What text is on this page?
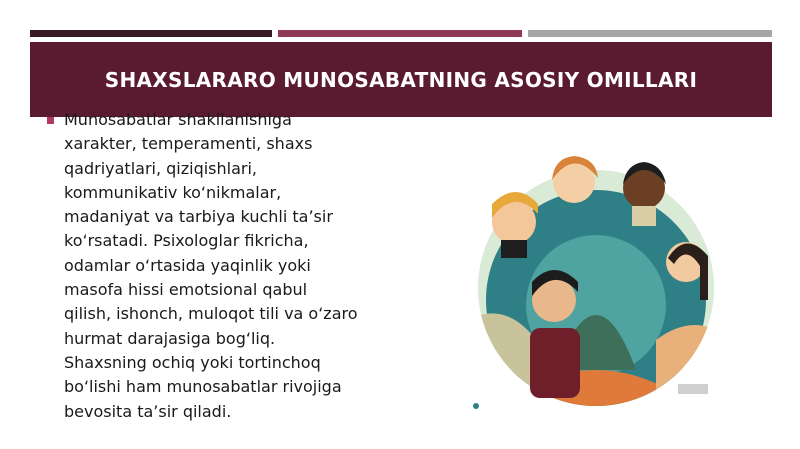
SHAXSLARARO MUNOSABATNING ASOSIY OMILLARI
Munosabatlar shakllanishiga
xarakter, temperamenti, shaxs
qadriyatlari, qiziqishlari,
kommunikativ ko‘nikmalar,
madaniyat va tarbiya kuchli ta’sir
ko‘rsatadi. Psixologlar fikricha,
odamlar o‘rtasida yaqinlik yoki
masofa hissi emotsional qabul
qilish, ishonch, muloqot tili va o‘zaro
hurmat darajasiga bog‘liq.
Shaxsning ochiq yoki tortinchoq
bo‘lishi ham munosabatlar rivojiga
bevosita ta’sir qiladi.
